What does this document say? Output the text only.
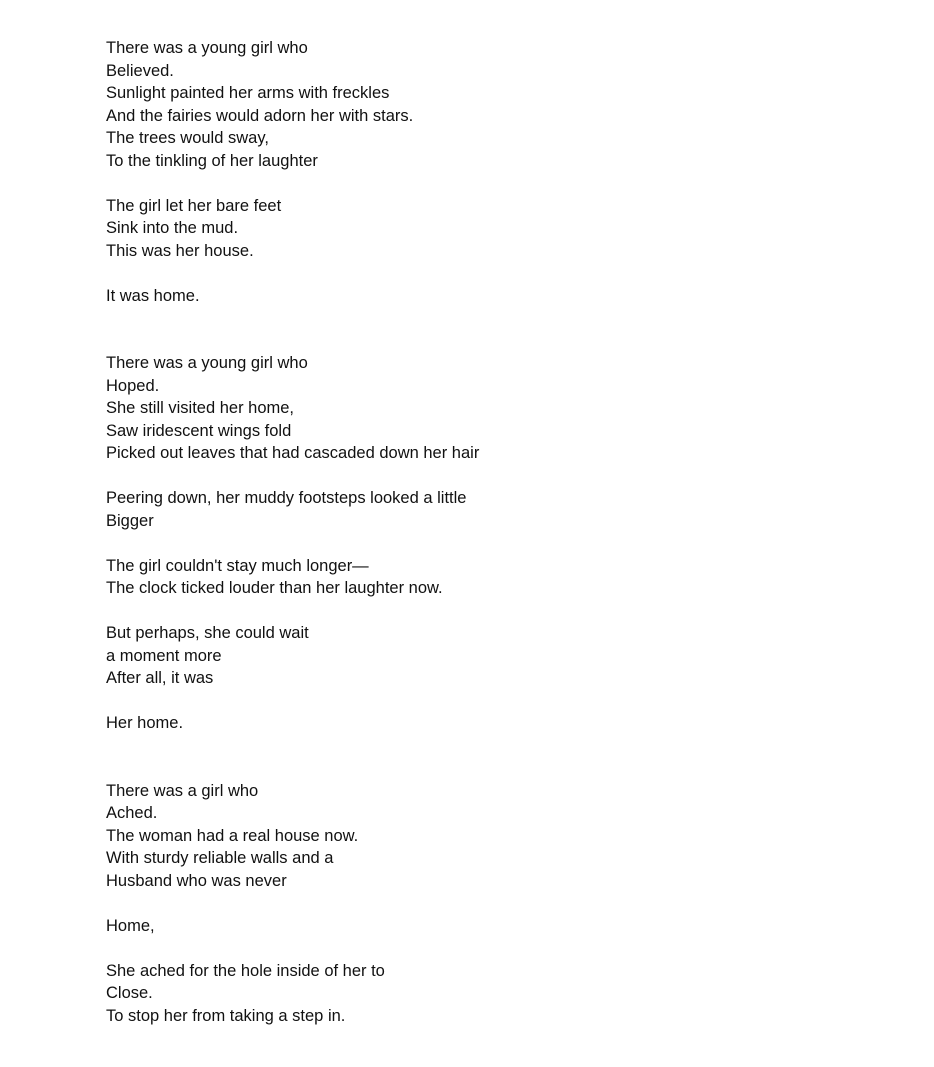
There was a young girl who
Believed.
Sunlight painted her arms with freckles
And the fairies would adorn her with stars.
The trees would sway,
To the tinkling of her laughter
The girl let her bare feet
Sink into the mud.
This was her house.
It was home.
There was a young girl who
Hoped.
She still visited her home,
Saw iridescent wings fold
Picked out leaves that had cascaded down her hair
Peering down, her muddy footsteps looked a little
Bigger
The girl couldn't stay much longer—
The clock ticked louder than her laughter now.
But perhaps, she could wait
a moment more
After all, it was
Her home.
There was a girl who
Ached.
The woman had a real house now.
With sturdy reliable walls and a
Husband who was never
Home,
She ached for the hole inside of her to
Close.
To stop her from taking a step in.
